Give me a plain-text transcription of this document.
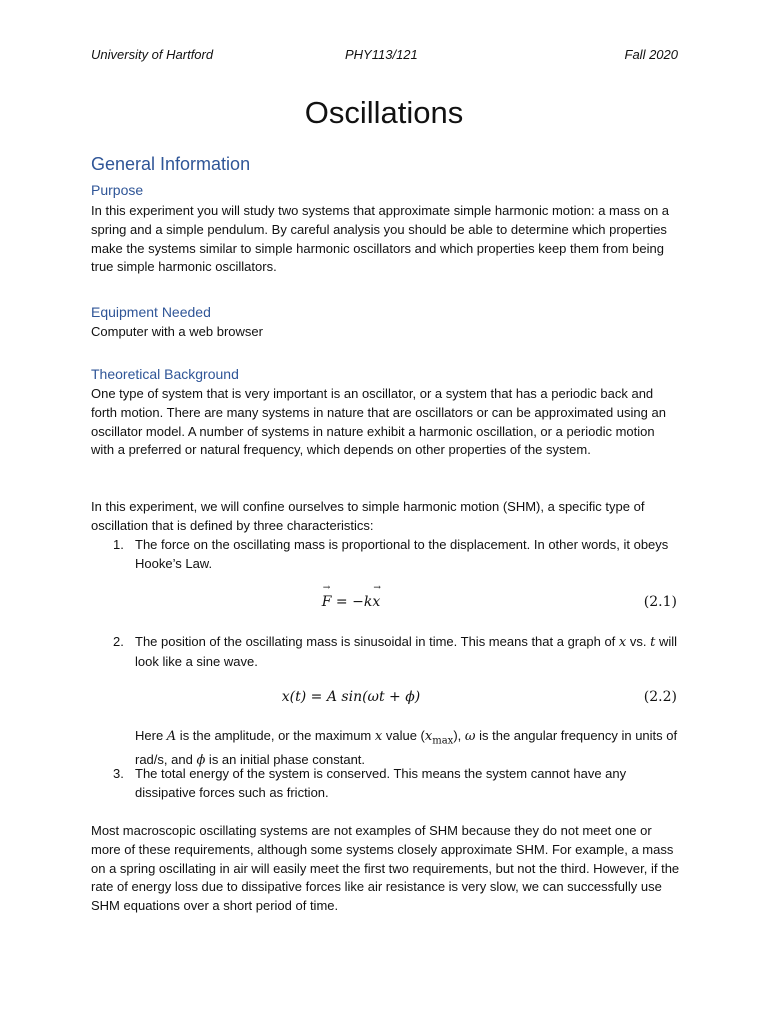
University of Hartford	PHY113/121	Fall 2020
Oscillations
General Information
Purpose

In this experiment you will study two systems that approximate simple harmonic motion: a mass on a spring and a simple pendulum. By careful analysis you should be able to determine which properties make the systems similar to simple harmonic oscillators and which properties keep them from being true simple harmonic oscillators.

Equipment Needed

Computer with a web browser

Theoretical Background

One type of system that is very important is an oscillator, or a system that has a periodic back and forth motion. There are many systems in nature that are oscillators or can be approximated using an oscillator model. A number of systems in nature exhibit a harmonic oscillation, or a periodic motion with a preferred or natural frequency, which depends on other properties of the system.

In this experiment, we will confine ourselves to simple harmonic motion (SHM), a specific type of oscillation that is defined by three characteristics:

1. The force on the oscillating mass is proportional to the displacement. In other words, it obeys Hooke’s Law.
F
→
= −kx
→
(2.1)
2. The position of the oscillating mass is sinusoidal in time. This means that a graph of x vs. t will look like a sine wave.
x(t) = A sin(ωt + ϕ)	(2.2)
Here A is the amplitude, or the maximum x value $(x_{max})$, ω is the angular frequency in units of rad/s, and ϕ is an initial phase constant.
3. The total energy of the system is conserved. This means the system cannot have any dissipative forces such as friction.

Most macroscopic oscillating systems are not examples of SHM because they do not meet one or more of these requirements, although some systems closely approximate SHM. For example, a mass on a spring oscillating in air will easily meet the first two requirements, but not the third. However, if the rate of energy loss due to dissipative forces like air resistance is very slow, we can successfully use SHM equations over a short period of time.
